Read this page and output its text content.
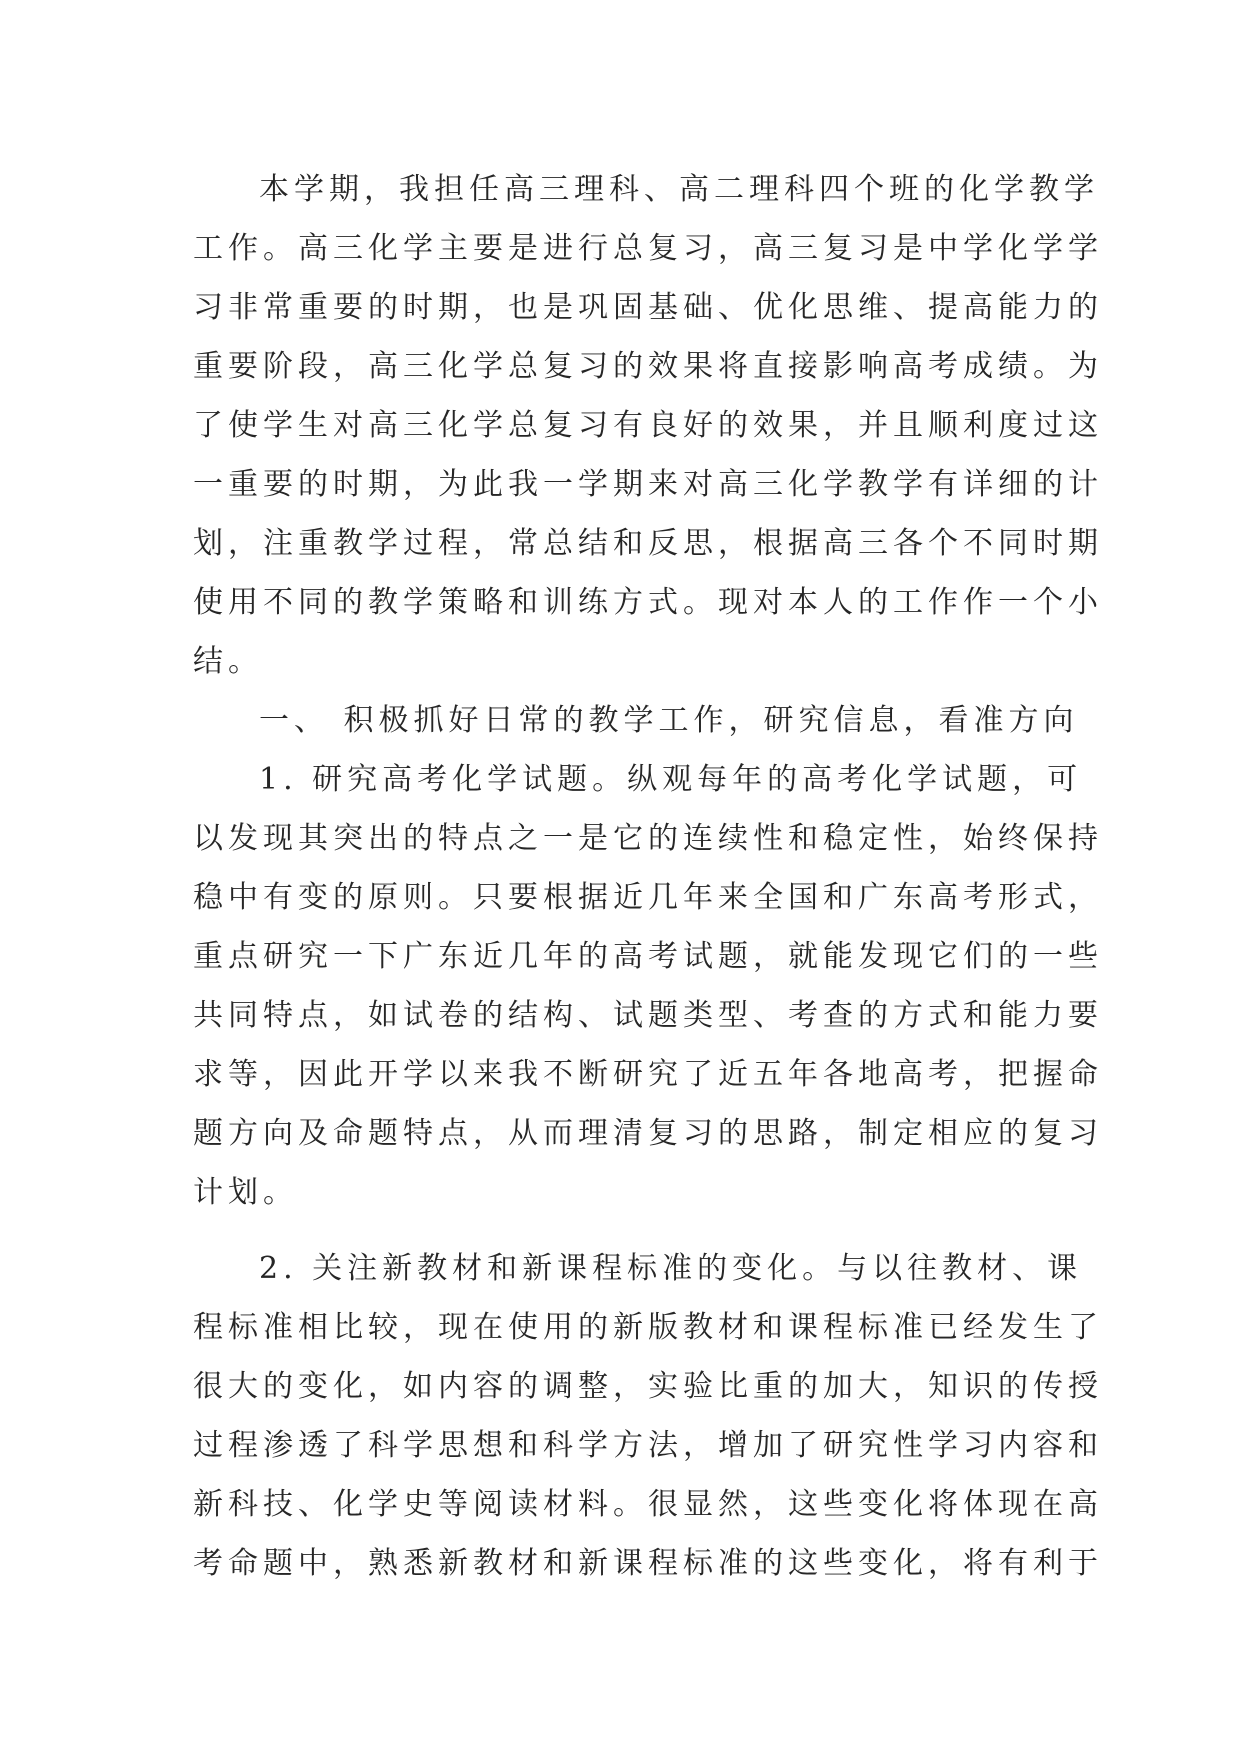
本学期，我担任高三理科、高二理科四个班的化学教学
工作。高三化学主要是进行总复习，高三复习是中学化学学
习非常重要的时期，也是巩固基础、优化思维、提高能力的
重要阶段，高三化学总复习的效果将直接影响高考成绩。为
了使学生对高三化学总复习有良好的效果，并且顺利度过这
一重要的时期，为此我一学期来对高三化学教学有详细的计
划，注重教学过程，常总结和反思，根据高三各个不同时期
使用不同的教学策略和训练方式。现对本人的工作作一个小
结。
一、 积极抓好日常的教学工作，研究信息，看准方向
1. 研究高考化学试题。纵观每年的高考化学试题，可
以发现其突出的特点之一是它的连续性和稳定性，始终保持
稳中有变的原则。只要根据近几年来全国和广东高考形式，
重点研究一下广东近几年的高考试题，就能发现它们的一些
共同特点，如试卷的结构、试题类型、考查的方式和能力要
求等，因此开学以来我不断研究了近五年各地高考，把握命
题方向及命题特点，从而理清复习的思路，制定相应的复习
计划。
2. 关注新教材和新课程标准的变化。与以往教材、课
程标准相比较，现在使用的新版教材和课程标准已经发生了
很大的变化，如内容的调整，实验比重的加大，知识的传授
过程渗透了科学思想和科学方法，增加了研究性学习内容和
新科技、化学史等阅读材料。很显然，这些变化将体现在高
考命题中，熟悉新教材和新课程标准的这些变化，将有利于
